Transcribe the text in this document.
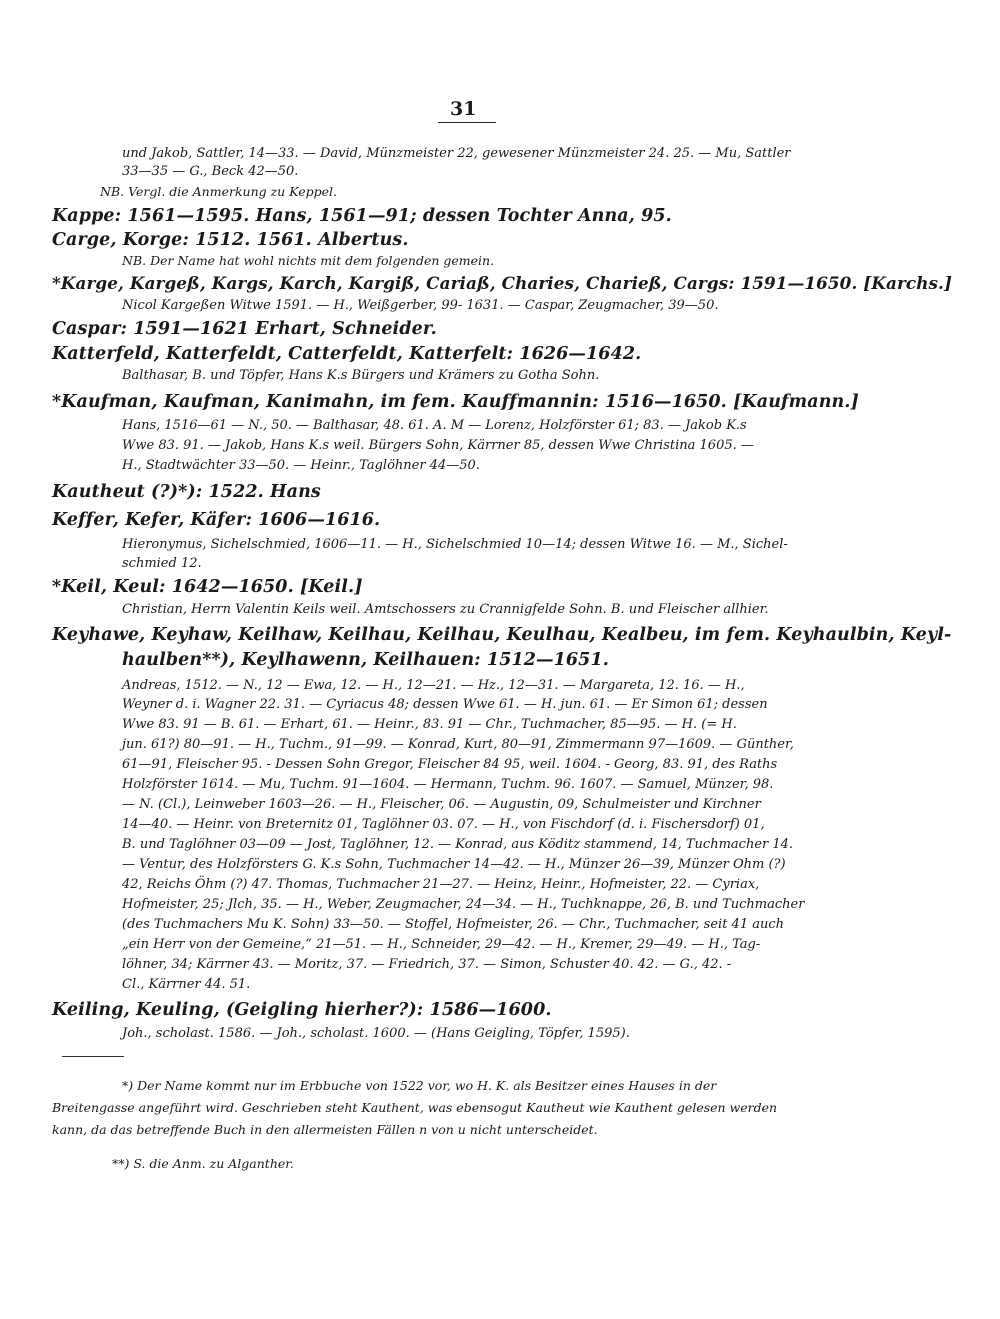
31
und Jakob, Sattler, 14—33. — David, Münzmeister 22, gewesener Münzmeister 24. 25. — Mu, Sattler
33—35 — G., Beck 42—50.
NB. Vergl. die Anmerkung zu Keppel.
Kappe: 1561—1595. Hans, 1561—91; dessen Tochter Anna, 95.
Carge, Korge: 1512. 1561. Albertus.
NB. Der Name hat wohl nichts mit dem folgenden gemein.
*Karge, Kargeß, Kargs, Karch, Kargiß, Cariaß, Charies, Charieß, Cargs: 1591—1650. [Karchs.]
Nicol Kargeßen Witwe 1591. — H., Weißgerber, 99- 1631. — Caspar, Zeugmacher, 39—50.
Caspar: 1591—1621 Erhart, Schneider.
Katterfeld, Katterfeldt, Catterfeldt, Katterfelt: 1626—1642.
Balthasar, B. und Töpfer, Hans K.s Bürgers und Krämers zu Gotha Sohn.
*Kaufman, Kaufman, Kanimahn, im fem. Kauffmannin: 1516—1650. [Kaufmann.]
Hans, 1516—61 — N., 50. — Balthasar, 48. 61. A. M — Lorenz, Holzförster 61; 83. — Jakob K.s
Wwe 83. 91. — Jakob, Hans K.s weil. Bürgers Sohn, Kärrner 85, dessen Wwe Christina 1605. —
H., Stadtwächter 33—50. — Heinr., Taglöhner 44—50.
Kautheut (?)*): 1522. Hans
Keffer, Kefer, Käfer: 1606—1616.
Hieronymus, Sichelschmied, 1606—11. — H., Sichelschmied 10—14; dessen Witwe 16. — M., Sichel-
schmied 12.
*Keil, Keul: 1642—1650. [Keil.]
Christian, Herrn Valentin Keils weil. Amtschossers zu Crannigfelde Sohn. B. und Fleischer allhier.
Keyhawe, Keyhaw, Keilhaw, Keilhau, Keilhau, Keulhau, Kealbeu, im fem. Keyhaulbin, Keyl-
haulben**), Keylhawenn, Keilhauen: 1512—1651.
Andreas, 1512. — N., 12 — Ewa, 12. — H., 12—21. — Hz., 12—31. — Margareta, 12. 16. — H.,
Weyner d. i. Wagner 22. 31. — Cyriacus 48; dessen Wwe 61. — H. jun. 61. — Er Simon 61; dessen
Wwe 83. 91 — B. 61. — Erhart, 61. — Heinr., 83. 91 — Chr., Tuchmacher, 85—95. — H. (= H.
jun. 61?) 80—91. — H., Tuchm., 91—99. — Konrad, Kurt, 80—91, Zimmermann 97—1609. — Günther,
61—91, Fleischer 95. - Dessen Sohn Gregor, Fleischer 84 95, weil. 1604. - Georg, 83. 91, des Raths
Holzförster 1614. — Mu, Tuchm. 91—1604. — Hermann, Tuchm. 96. 1607. — Samuel, Münzer, 98.
— N. (Cl.), Leinweber 1603—26. — H., Fleischer, 06. — Augustin, 09, Schulmeister und Kirchner
14—40. — Heinr. von Breternitz 01, Taglöhner 03. 07. — H., von Fischdorf (d. i. Fischersdorf) 01,
B. und Taglöhner 03—09 — Jost, Taglöhner, 12. — Konrad, aus Köditz stammend, 14, Tuchmacher 14.
— Ventur, des Holzförsters G. K.s Sohn, Tuchmacher 14—42. — H., Münzer 26—39, Münzer Ohm (?)
42, Reichs Öhm (?) 47. Thomas, Tuchmacher 21—27. — Heinz, Heinr., Hofmeister, 22. — Cyriax,
Hofmeister, 25; Jlch, 35. — H., Weber, Zeugmacher, 24—34. — H., Tuchknappe, 26, B. und Tuchmacher
(des Tuchmachers Mu K. Sohn) 33—50. — Stoffel, Hofmeister, 26. — Chr., Tuchmacher, seit 41 auch
„ein Herr von der Gemeine,“ 21—51. — H., Schneider, 29—42. — H., Kremer, 29—49. — H., Tag-
löhner, 34; Kärrner 43. — Moritz, 37. — Friedrich, 37. — Simon, Schuster 40. 42. — G., 42. -
Cl., Kärrner 44. 51.
Keiling, Keuling, (Geigling hierher?): 1586—1600.
Joh., scholast. 1586. — Joh., scholast. 1600. — (Hans Geigling, Töpfer, 1595).
*) Der Name kommt nur im Erbbuche von 1522 vor, wo H. K. als Besitzer eines Hauses in der
Breitengasse angeführt wird. Geschrieben steht Kauthent, was ebensogut Kautheut wie Kauthent gelesen werden
kann, da das betreffende Buch in den allermeisten Fällen n von u nicht unterscheidet.
**) S. die Anm. zu Alganther.
